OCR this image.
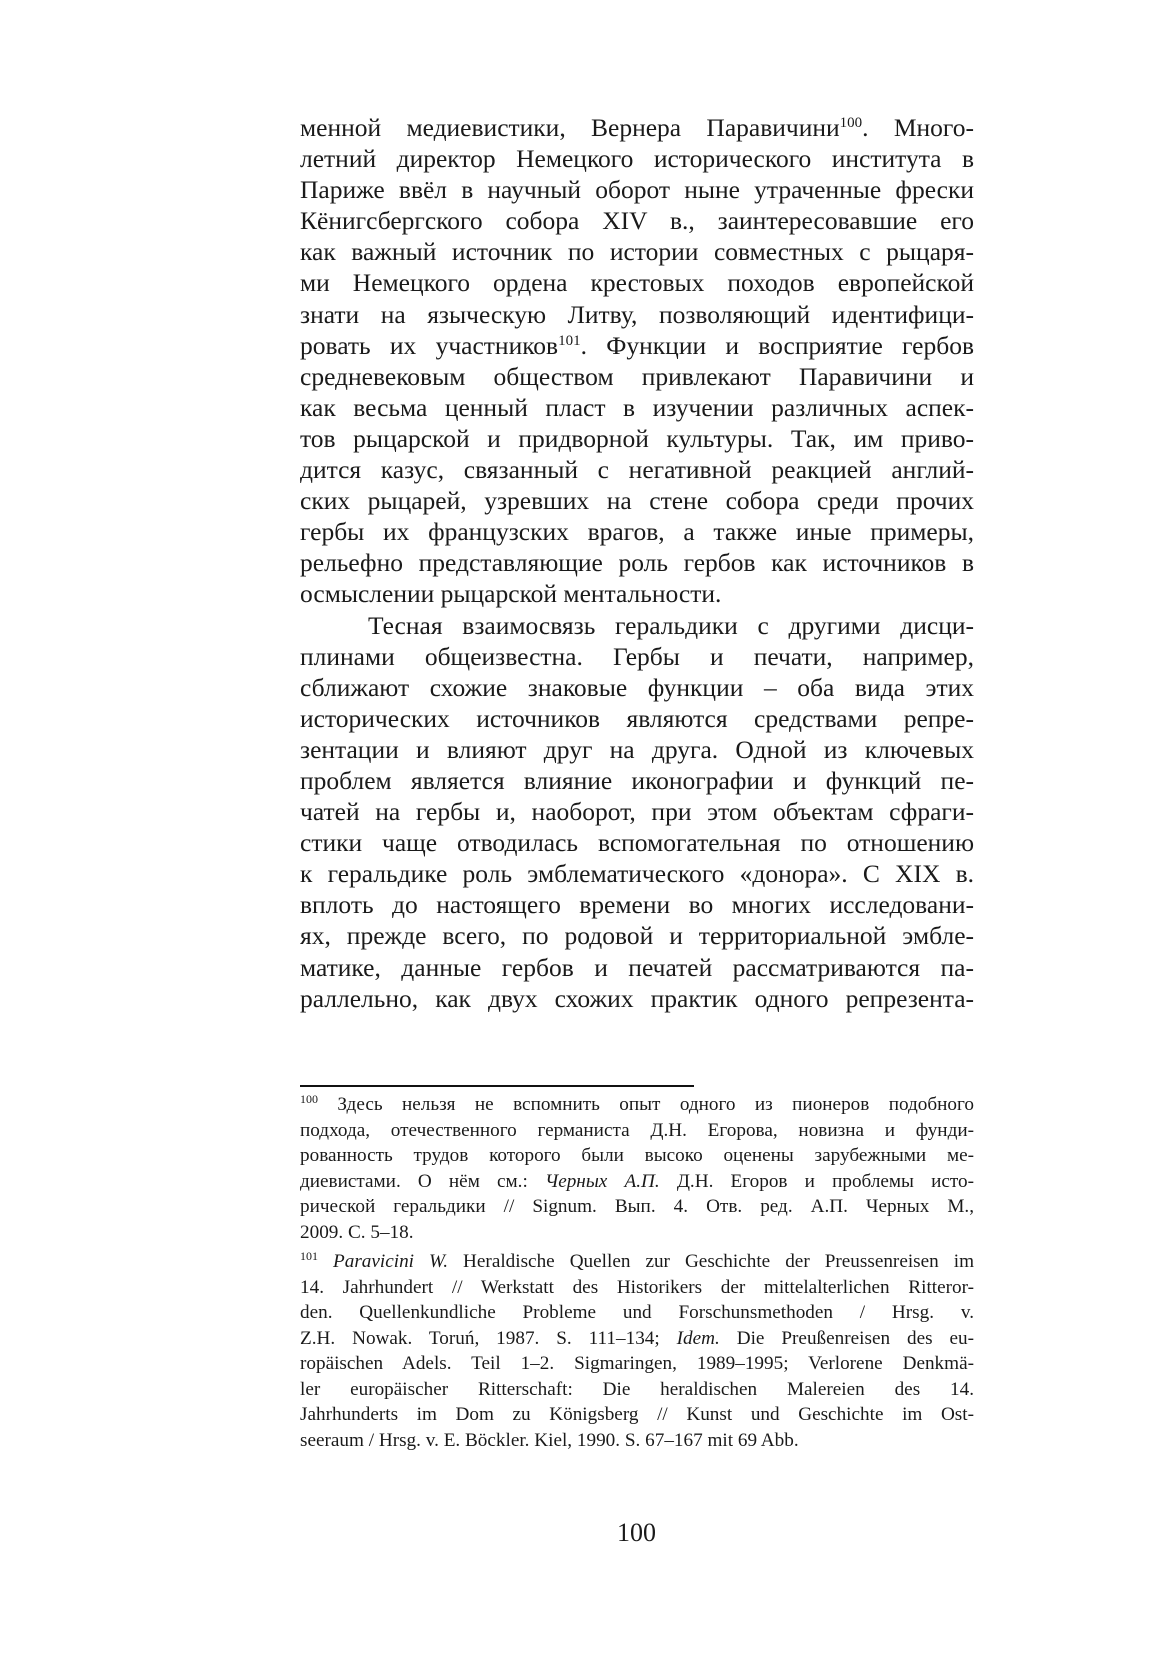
менной медиевистики, Вернера Паравичини$^{100}$. Много-
летний директор Немецкого исторического института в
Париже ввёл в научный оборот ныне утраченные фрески
Кёнигсбергского собора XIV в., заинтересовавшие его
как важный источник по истории совместных с рыцаря-
ми Немецкого ордена крестовых походов европейской
знати на языческую Литву, позволяющий идентифици-
ровать их участников$^{101}$. Функции и восприятие гербов
средневековым обществом привлекают Паравичини и
как весьма ценный пласт в изучении различных аспек-
тов рыцарской и придворной культуры. Так, им приво-
дится казус, связанный с негативной реакцией англий-
ских рыцарей, узревших на стене собора среди прочих
гербы их французских врагов, а также иные примеры,
рельефно представляющие роль гербов как источников в
осмыслении рыцарской ментальности.

Тесная взаимосвязь геральдики с другими дисци-
плинами общеизвестна. Гербы и печати, например,
сближают схожие знаковые функции – оба вида этих
исторических источников являются средствами репре-
зентации и влияют друг на друга. Одной из ключевых
проблем является влияние иконографии и функций пе-
чатей на гербы и, наоборот, при этом объектам сфраги-
стики чаще отводилась вспомогательная по отношению
к геральдике роль эмблематического «донора». С XIX в.
вплоть до настоящего времени во многих исследовани-
ях, прежде всего, по родовой и территориальной эмбле-
матике, данные гербов и печатей рассматриваются па-
раллельно, как двух схожих практик одного репрезента-

$^{100}$ Здесь нельзя не вспомнить опыт одного из пионеров подобного
подхода, отечественного германиста Д.Н. Егорова, новизна и фунди-
рованность трудов которого были высоко оценены зарубежными ме-
диевистами. О нём см.: Черных А.П. Д.Н. Егоров и проблемы исто-
рической геральдики // Signum. Вып. 4. Отв. ред. А.П. Черных М.,
2009. С. 5–18.

$^{101}$ Paravicini W. Heraldische Quellen zur Geschichte der Preussenreisen im
14. Jahrhundert // Werkstatt des Historikers der mittelalterlichen Ritteror-
den. Quellenkundliche Probleme und Forschunsmethoden / Hrsg. v.
Z.H. Nowak. Toruń, 1987. S. 111–134; Idem. Die Preußenreisen des eu-
ropäischen Adels. Teil 1–2. Sigmaringen, 1989–1995; Verlorene Denkmä-
ler europäischer Ritterschaft: Die heraldischen Malereien des 14.
Jahrhunderts im Dom zu Königsberg // Kunst und Geschichte im Ost-
seeraum / Hrsg. v. E. Böckler. Kiel, 1990. S. 67–167 mit 69 Abb.

100
